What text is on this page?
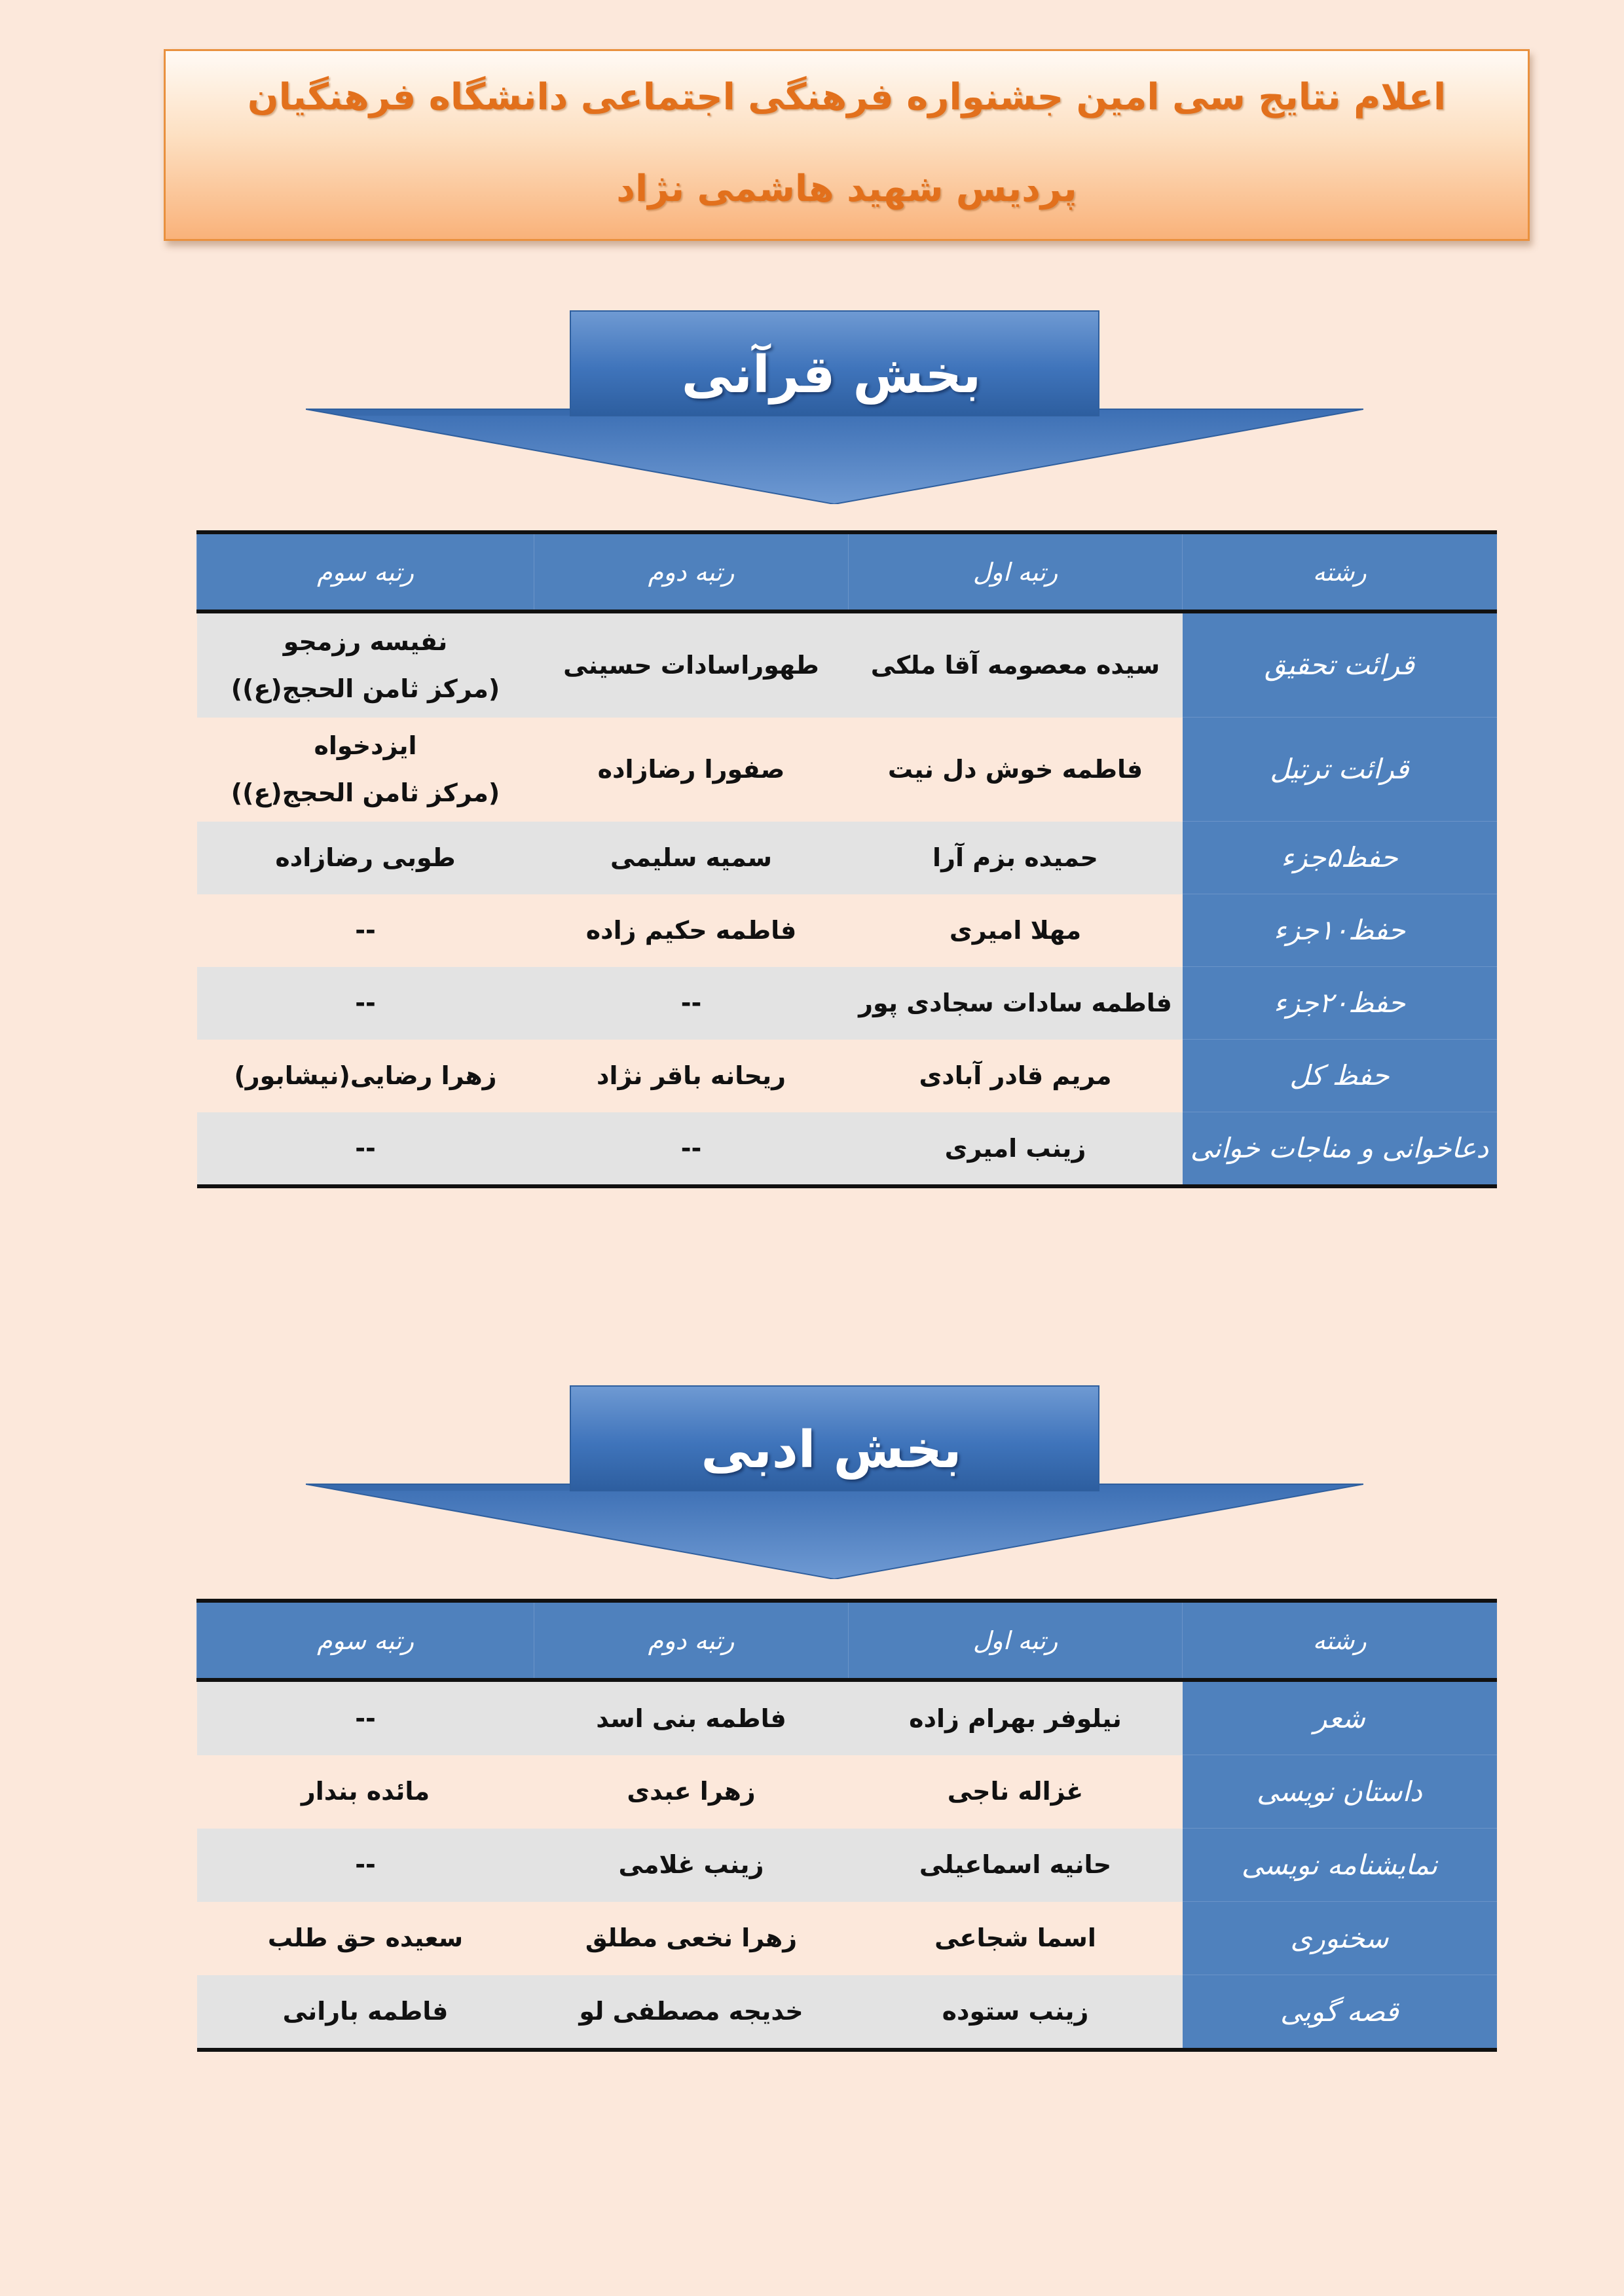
اعلام نتایج سی امین جشنواره فرهنگی اجتماعی دانشگاه فرهنگیان
پردیس شهید هاشمی نژاد
بخش قرآنی
رشته	رتبه اول	رتبه دوم	رتبه سوم
قرائت تحقیق	سیده معصومه آقا ملکی	طهوراسادات حسینی	نفیسه رزمجو
(مرکز ثامن الحجج(ع))

قرائت ترتیل	فاطمه خوش دل نیت	صفورا رضازاده	ایزدخواه
(مرکز ثامن الحجج(ع))

حفظ۵جزء	حمیده بزم آرا	سمیه سلیمی	طوبی رضازاده
حفظ۱۰جزء	مهلا امیری	فاطمه حکیم زاده	--
حفظ۲۰جزء	فاطمه سادات سجادی پور	--	--
حفظ کل	مریم قادر آبادی	ریحانه باقر نژاد	زهرا رضایی(نیشابور)
دعاخوانی و مناجات خوانی	زینب امیری	--	--
بخش ادبی
رشته	رتبه اول	رتبه دوم	رتبه سوم
شعر	نیلوفر بهرام زاده	فاطمه بنی اسد	--
داستان نویسی	غزاله ناجی	زهرا عبدی	مائده بندار
نمایشنامه نویسی	حانیه اسماعیلی	زینب غلامی	--
سخنوری	اسما شجاعی	زهرا نخعی مطلق	سعیده حق طلب
قصه گویی	زینب ستوده	خدیجه مصطفی لو	فاطمه بارانی
